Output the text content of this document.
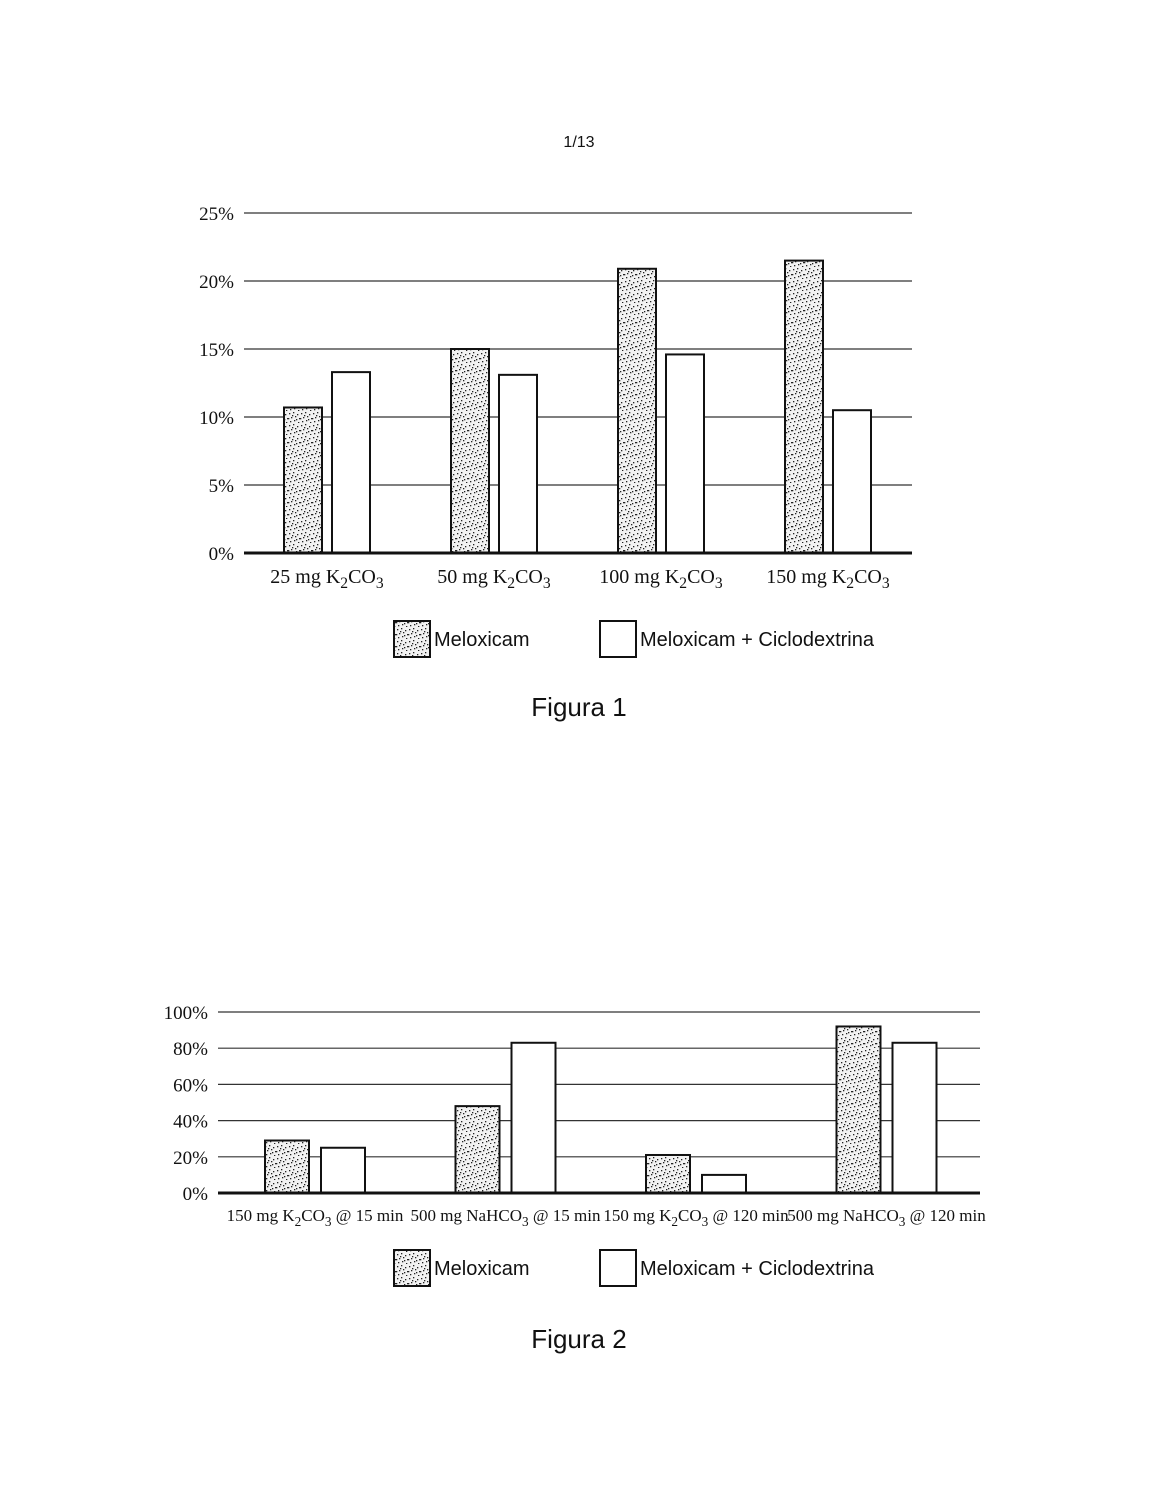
1/13
0%
5%
10%
15%
20%
25%
25 mg $K_2CO_3$	50 mg $K_2CO_3$ 100 mg $K_2CO_3$ 150 mg $K_2CO_3$
Meloxicam	Meloxicam + Ciclodextrina
Figura 1
0%
20%
40%
60%
80%
100%
150 mg $K_2CO_3$ @ 15 min 500 mg NaHCO$_3$ @ 15 min 150 mg $K_2CO_3$ @ 120 min
500 mg NaHCO$_3$ @ 120 min
Meloxicam	Meloxicam + Ciclodextrina
Figura 2
